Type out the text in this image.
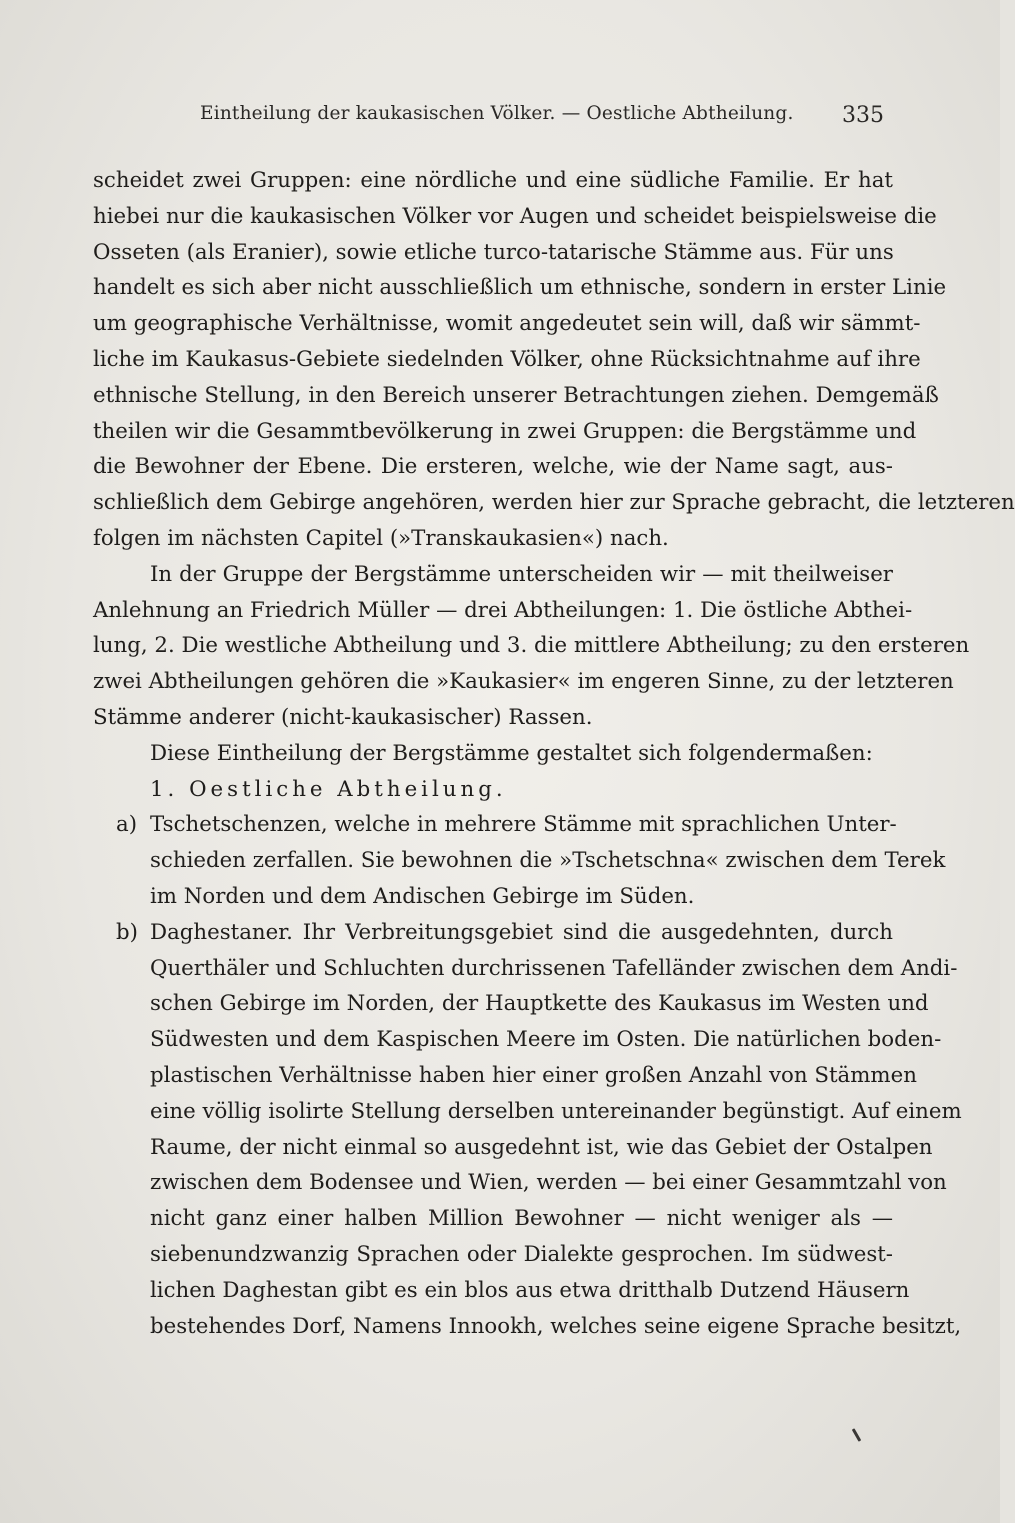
Eintheilung der kaukasischen Völker. — Oestliche Abtheilung. 335
scheidet zwei Gruppen: eine nördliche und eine südliche Familie. Er hat
hiebei nur die kaukasischen Völker vor Augen und scheidet beispielsweise die
Osseten (als Eranier), sowie etliche turco-tatarische Stämme aus. Für uns
handelt es sich aber nicht ausschließlich um ethnische, sondern in erster Linie
um geographische Verhältnisse, womit angedeutet sein will, daß wir sämmt-
liche im Kaukasus-Gebiete siedelnden Völker, ohne Rücksichtnahme auf ihre
ethnische Stellung, in den Bereich unserer Betrachtungen ziehen. Demgemäß
theilen wir die Gesammtbevölkerung in zwei Gruppen: die Bergstämme und
die Bewohner der Ebene. Die ersteren, welche, wie der Name sagt, aus-
schließlich dem Gebirge angehören, werden hier zur Sprache gebracht, die letzteren
folgen im nächsten Capitel (»Transkaukasien«) nach.
In der Gruppe der Bergstämme unterscheiden wir — mit theilweiser
Anlehnung an Friedrich Müller — drei Abtheilungen: 1. Die östliche Abthei-
lung, 2. Die westliche Abtheilung und 3. die mittlere Abtheilung; zu den ersteren
zwei Abtheilungen gehören die »Kaukasier« im engeren Sinne, zu der letzteren
Stämme anderer (nicht-kaukasischer) Rassen.
Diese Eintheilung der Bergstämme gestaltet sich folgendermaßen:
1. Oestliche Abtheilung.
a) Tschetschenzen, welche in mehrere Stämme mit sprachlichen Unter-
schieden zerfallen. Sie bewohnen die »Tschetschna« zwischen dem Terek
im Norden und dem Andischen Gebirge im Süden.
b) Daghestaner. Ihr Verbreitungsgebiet sind die ausgedehnten, durch
Querthäler und Schluchten durchrissenen Tafelländer zwischen dem Andi-
schen Gebirge im Norden, der Hauptkette des Kaukasus im Westen und
Südwesten und dem Kaspischen Meere im Osten. Die natürlichen boden-
plastischen Verhältnisse haben hier einer großen Anzahl von Stämmen
eine völlig isolirte Stellung derselben untereinander begünstigt. Auf einem
Raume, der nicht einmal so ausgedehnt ist, wie das Gebiet der Ostalpen
zwischen dem Bodensee und Wien, werden — bei einer Gesammtzahl von
nicht ganz einer halben Million Bewohner — nicht weniger als —
siebenundzwanzig Sprachen oder Dialekte gesprochen. Im südwest-
lichen Daghestan gibt es ein blos aus etwa dritthalb Dutzend Häusern
bestehendes Dorf, Namens Innookh, welches seine eigene Sprache besitzt,
